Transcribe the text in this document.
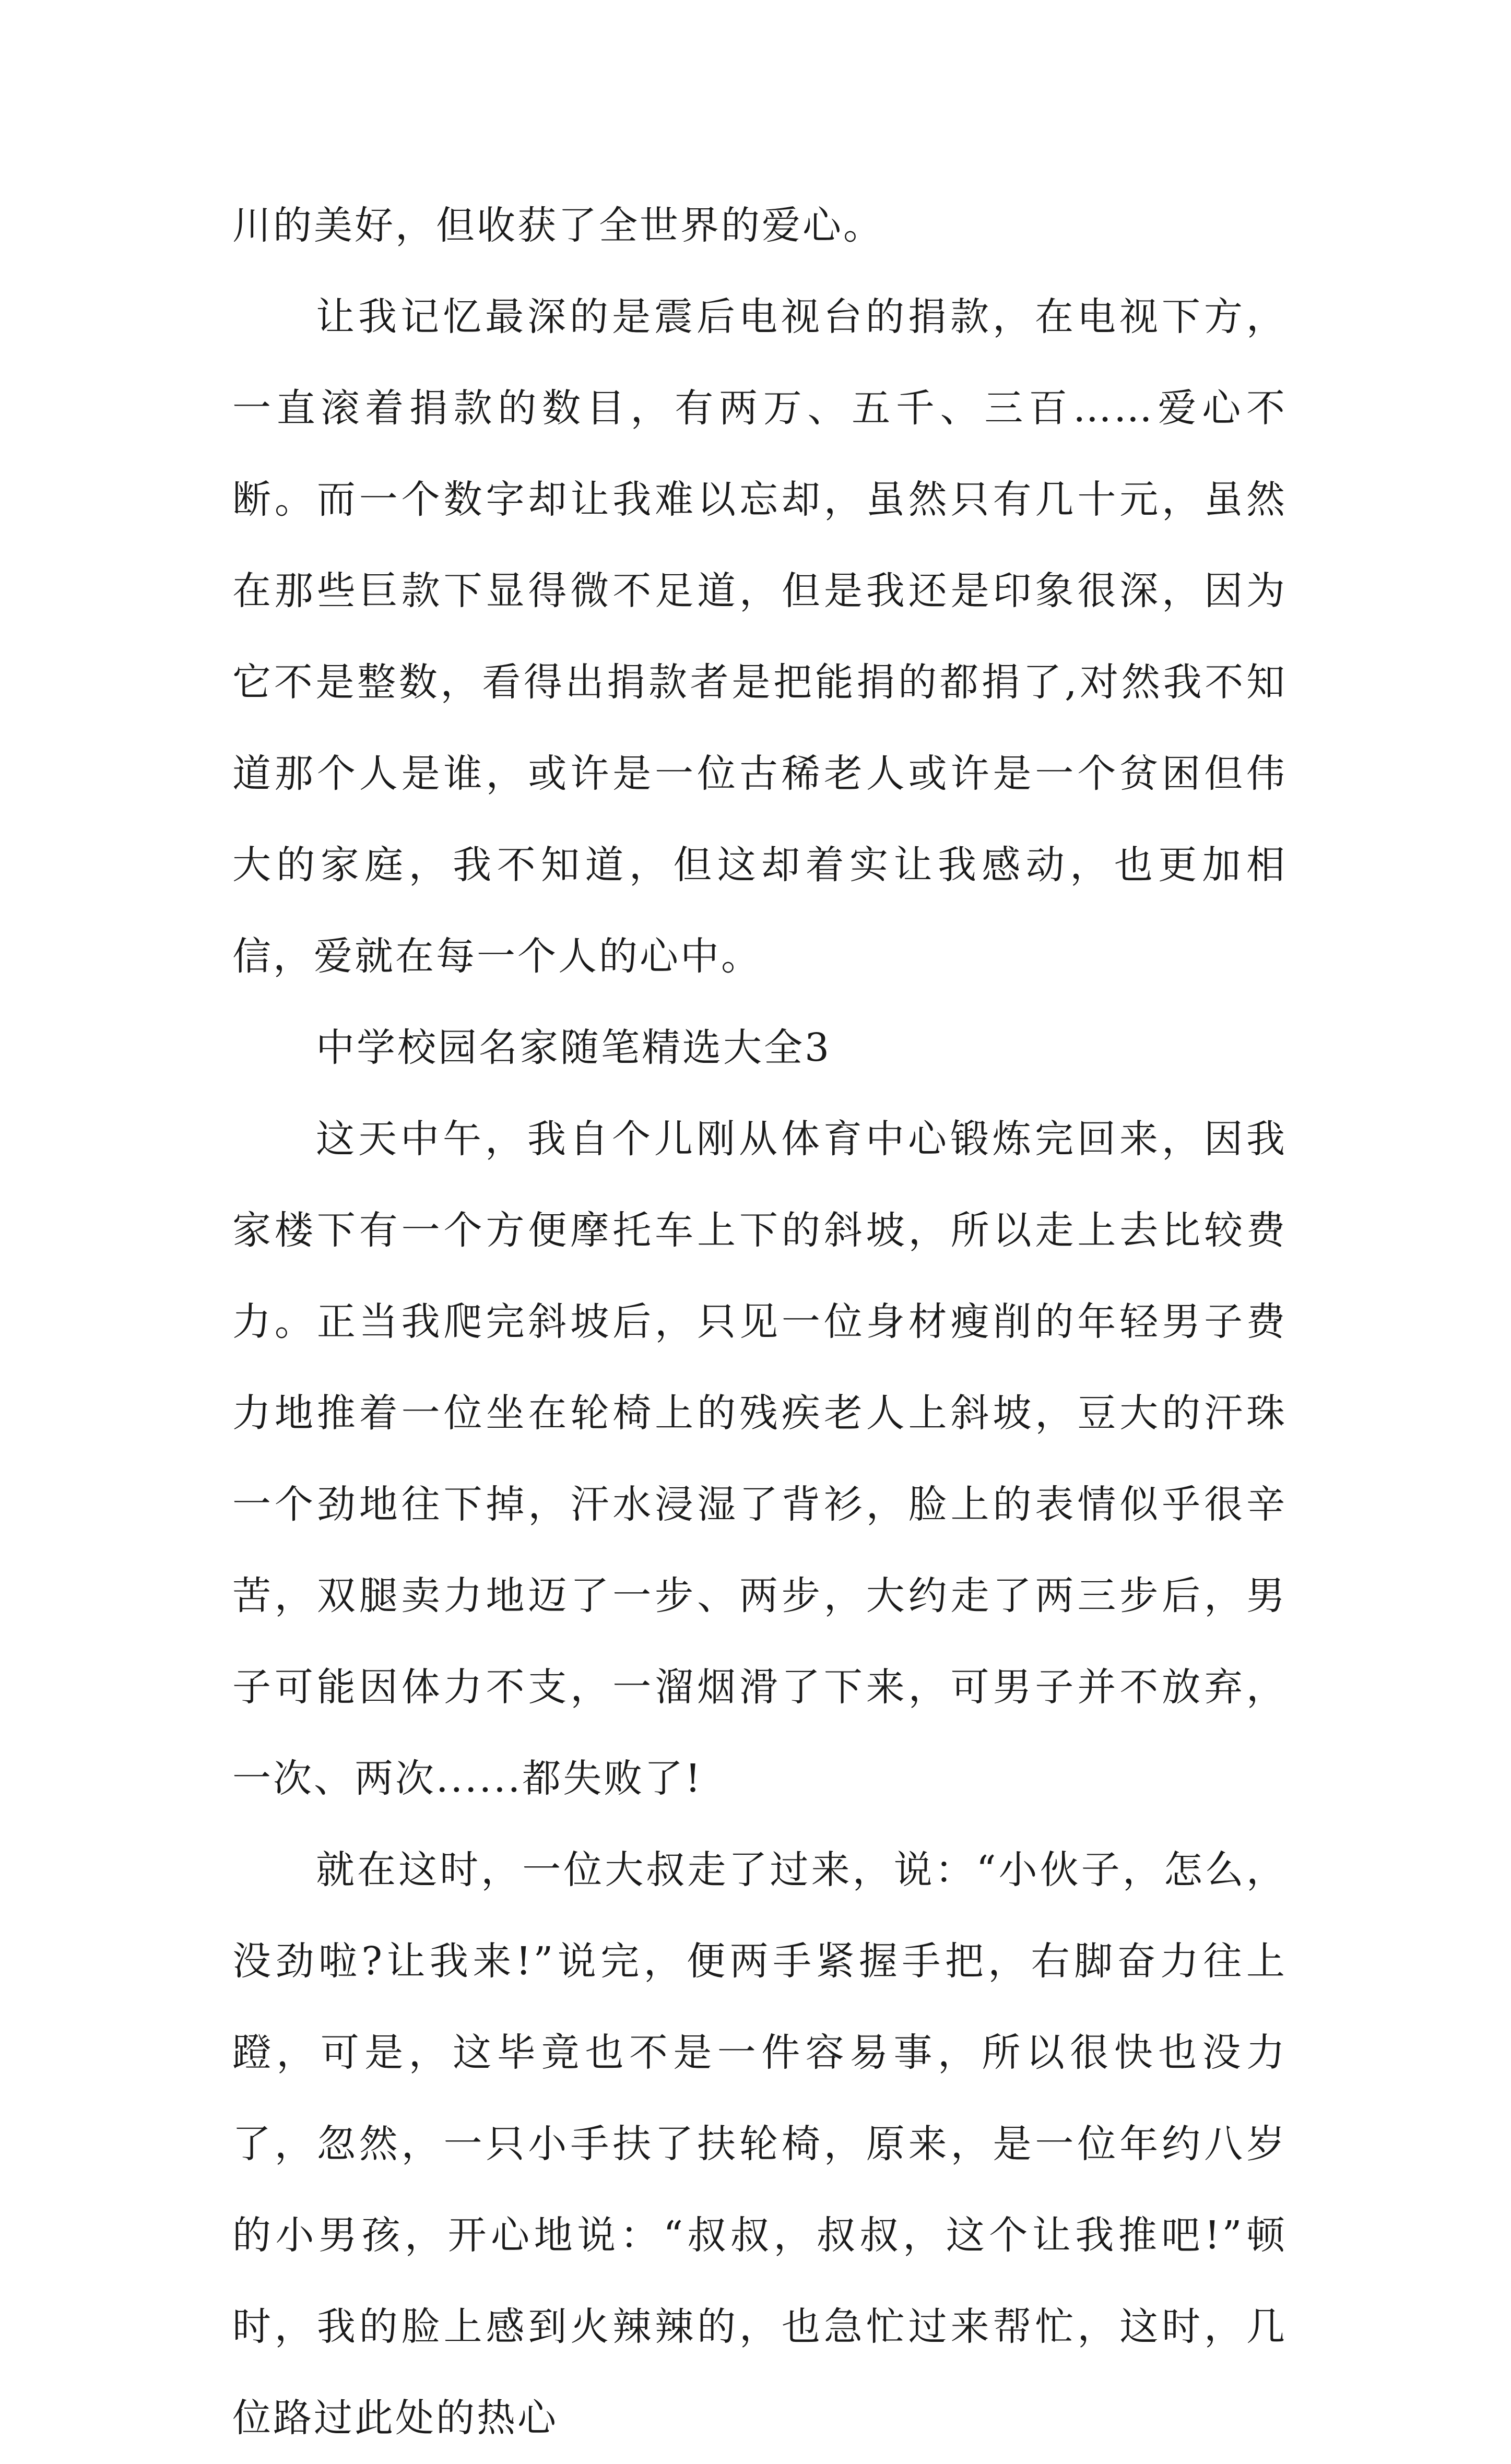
川的美好，但收获了全世界的爱心。

让我记忆最深的是震后电视台的捐款，在电视下方，一直滚着捐款的数目，有两万、五千、三百……爱心不断。而一个数字却让我难以忘却，虽然只有几十元，虽然在那些巨款下显得微不足道，但是我还是印象很深，因为它不是整数，看得出捐款者是把能捐的都捐了,对然我不知道那个人是谁，或许是一位古稀老人或许是一个贫困但伟大的家庭，我不知道，但这却着实让我感动，也更加相信，爱就在每一个人的心中。

中学校园名家随笔精选大全3

这天中午，我自个儿刚从体育中心锻炼完回来，因我家楼下有一个方便摩托车上下的斜坡，所以走上去比较费力。正当我爬完斜坡后，只见一位身材瘦削的年轻男子费力地推着一位坐在轮椅上的残疾老人上斜坡，豆大的汗珠一个劲地往下掉，汗水浸湿了背衫，脸上的表情似乎很辛苦，双腿卖力地迈了一步、两步，大约走了两三步后，男子可能因体力不支，一溜烟滑了下来，可男子并不放弃，一次、两次......都失败了!

就在这时，一位大叔走了过来，说：“小伙子，怎么，没劲啦?让我来!”说完，便两手紧握手把，右脚奋力往上蹬，可是，这毕竟也不是一件容易事，所以很快也没力了，忽然，一只小手扶了扶轮椅，原来，是一位年约八岁的小男孩，开心地说：“叔叔，叔叔，这个让我推吧!”顿时，我的脸上感到火辣辣的，也急忙过来帮忙，这时，几位路过此处的热心
